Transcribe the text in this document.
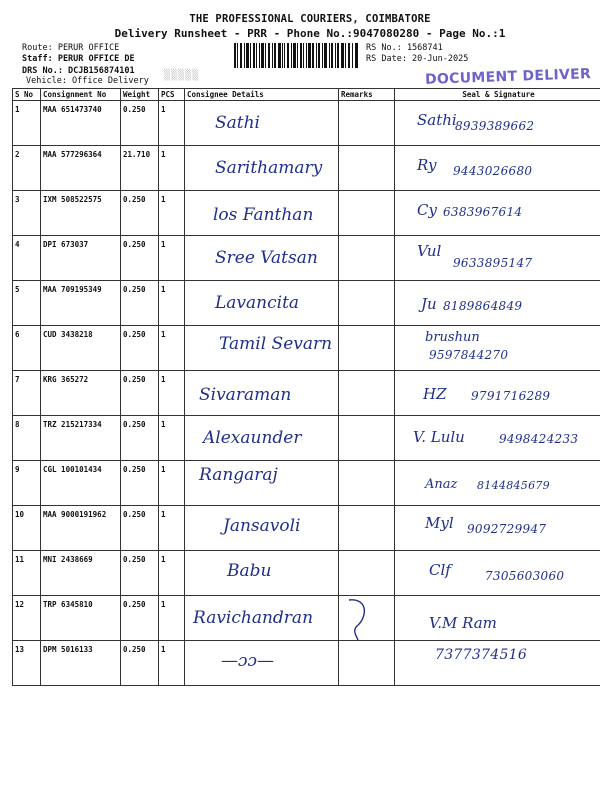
THE PROFESSIONAL COURIERS, COIMBATORE
Delivery Runsheet - PRR - Phone No.:9047080280 - Page No.:1
Route: PERUR OFFICE
Staff: PERUR OFFICE DE
DRS No.: DCJB156874101
Vehicle: Office Delivery
RS No.: 1568741
RS Date: 20-Jun-2025
▒▒▒▒▒	DOCUMENT DELIVER
S No	Consignment No	Weight	PCS	Consignee Details	Remarks	Seal & Signature
1	MAA 651473740	0.250	1	Sathi		Sathi
8939389662

2	MAA 577296364	21.710	1	Sarithamary		Ry 9443026680

3	IXM 508522575	0.250	1	los Fanthan		Cy 6383967614

4	DPI 673037	0.250	1	Sree Vatsan		Vul
9633895147

5	MAA 709195349	0.250	1	Lavancita		Ju 8189864849

6	CUD 3438218	0.250	1	Tamil Sevarn		brushun
9597844270

7	KRG 365272	0.250	1	Sivaraman		HZ 9791716289

8	TRZ 215217334	0.250	1	Alexaunder		V. Lulu 9498424233

9	CGL 100101434	0.250	1	Rangaraj		Anaz 8144845679

10	MAA 9000191962	0.250	1	Jansavoli		Myl 9092729947

11	MNI 2438669	0.250	1	Babu		Clf 7305603060

12	TRP 6345810	0.250	1	Ravichandran		V.M Ram

13	DPM 5016133	0.250	1	—ɔɔ—		7377374516
